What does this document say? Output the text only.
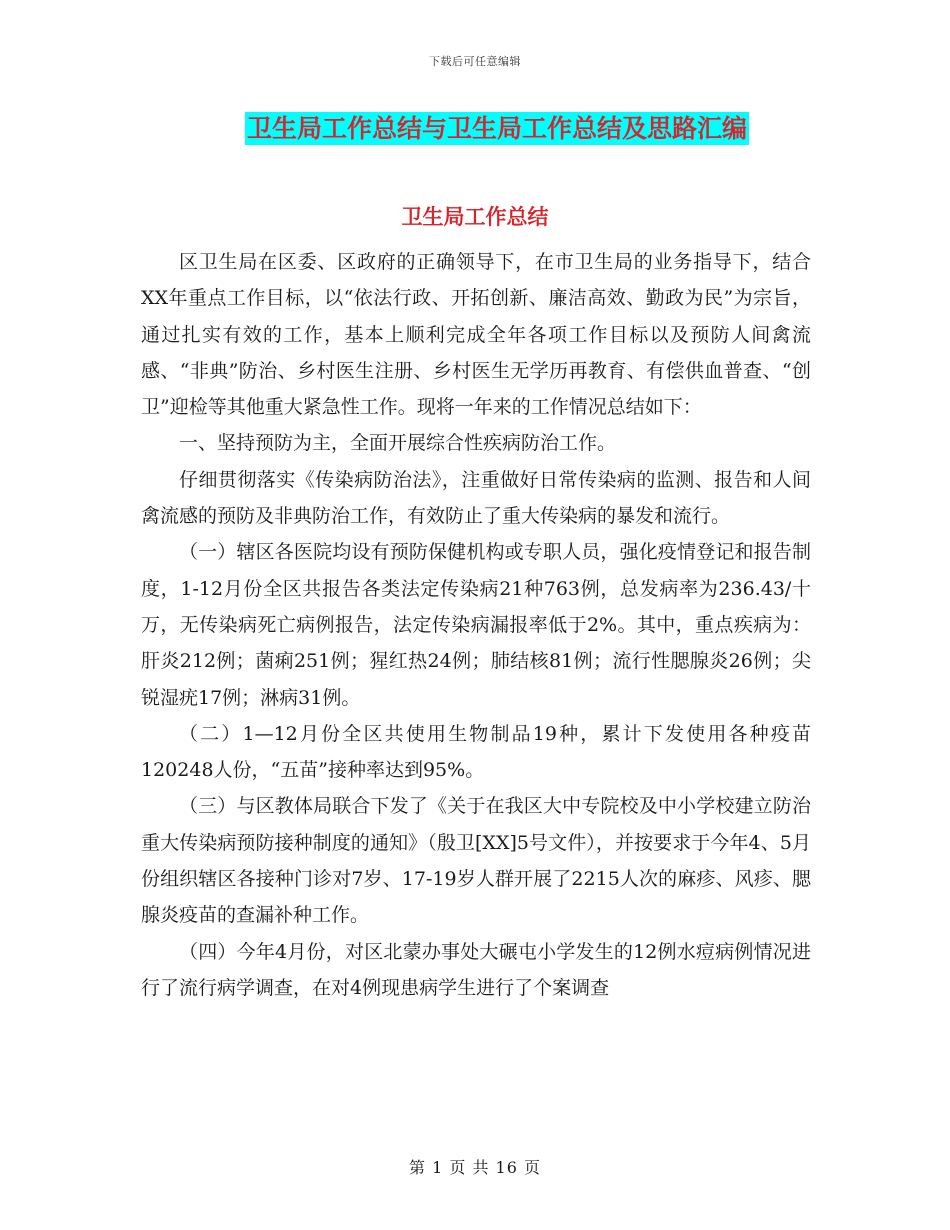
下载后可任意编辑
卫生局工作总结与卫生局工作总结及思路汇编
卫生局工作总结

区卫生局在区委、区政府的正确领导下，在市卫生局的业务指导下，结合XX年重点工作目标，以“依法行政、开拓创新、廉洁高效、勤政为民”为宗旨，通过扎实有效的工作，基本上顺利完成全年各项工作目标以及预防人间禽流感、“非典”防治、乡村医生注册、乡村医生无学历再教育、有偿供血普查、“创卫”迎检等其他重大紧急性工作。现将一年来的工作情况总结如下：

一、坚持预防为主，全面开展综合性疾病防治工作。

仔细贯彻落实《传染病防治法》，注重做好日常传染病的监测、报告和人间禽流感的预防及非典防治工作，有效防止了重大传染病的暴发和流行。

（一）辖区各医院均设有预防保健机构或专职人员，强化疫情登记和报告制度，1-12月份全区共报告各类法定传染病21种763例，总发病率为236.43/十万，无传染病死亡病例报告，法定传染病漏报率低于2%。其中，重点疾病为：肝炎212例；菌痢251例；猩红热24例；肺结核81例；流行性腮腺炎26例；尖锐湿疣17例；淋病31例。

（二）1—12月份全区共使用生物制品19种，累计下发使用各种疫苗120248人份，“五苗”接种率达到95%。

（三）与区教体局联合下发了《关于在我区大中专院校及中小学校建立防治重大传染病预防接种制度的通知》（殷卫[XX]5号文件），并按要求于今年4、5月份组织辖区各接种门诊对7岁、17-19岁人群开展了2215人次的麻疹、风疹、腮腺炎疫苗的查漏补种工作。

（四）今年4月份，对区北蒙办事处大碾屯小学发生的12例水痘病例情况进行了流行病学调查，在对4例现患病学生进行了个案调查

第 1 页 共 16 页
